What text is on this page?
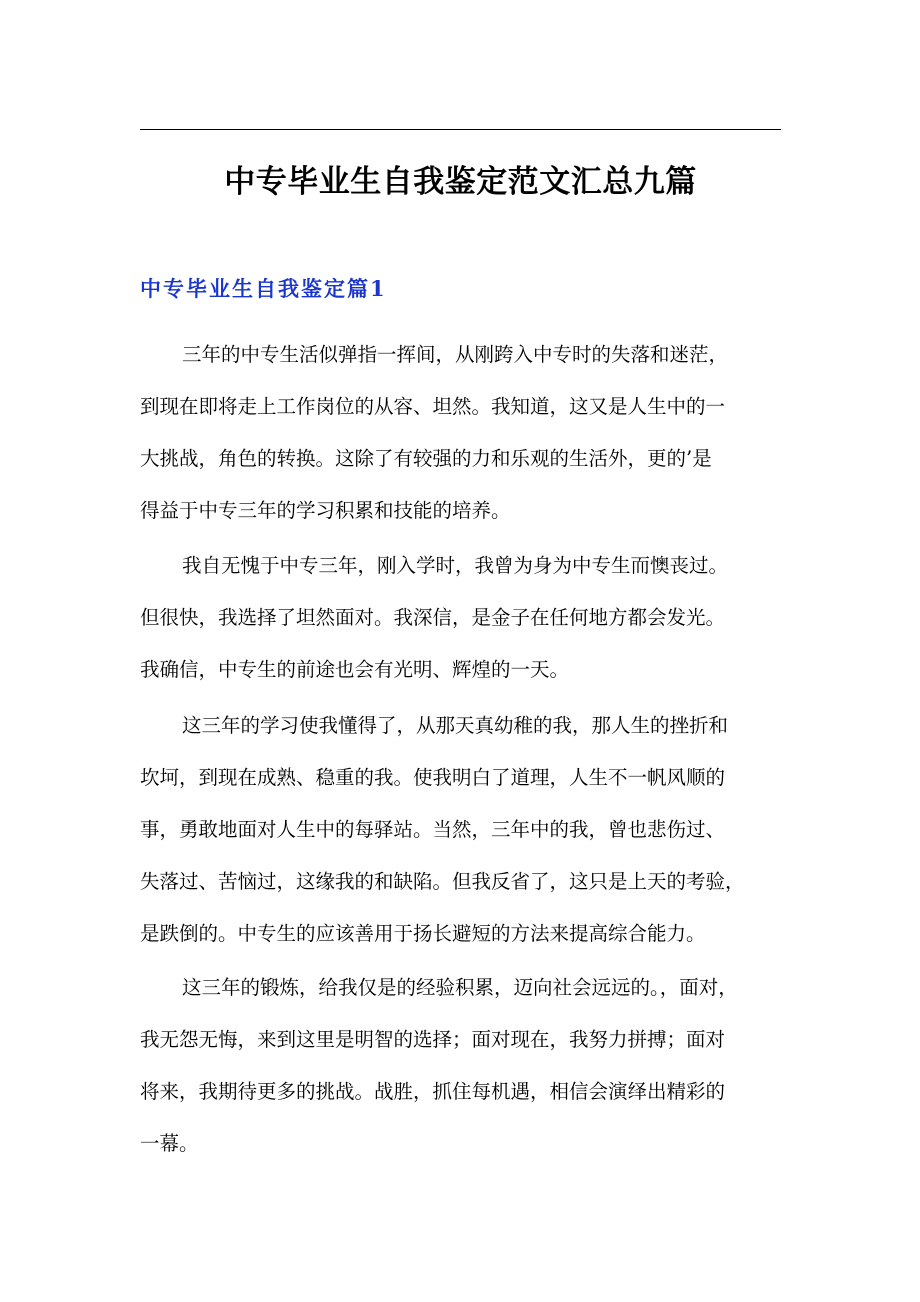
中专毕业生自我鉴定范文汇总九篇
中专毕业生自我鉴定篇1
三年的中专生活似弹指一挥间，从刚跨入中专时的失落和迷茫，
到现在即将走上工作岗位的从容、坦然。我知道，这又是人生中的一
大挑战，角色的转换。这除了有较强的力和乐观的生活外，更的’是
得益于中专三年的学习积累和技能的培养。
我自无愧于中专三年，刚入学时，我曾为身为中专生而懊丧过。
但很快，我选择了坦然面对。我深信，是金子在任何地方都会发光。
我确信，中专生的前途也会有光明、辉煌的一天。
这三年的学习使我懂得了，从那天真幼稚的我，那人生的挫折和
坎坷，到现在成熟、稳重的我。使我明白了道理，人生不一帆风顺的
事，勇敢地面对人生中的每驿站。当然，三年中的我，曾也悲伤过、
失落过、苦恼过，这缘我的和缺陷。但我反省了，这只是上天的考验，
是跌倒的。中专生的应该善用于扬长避短的方法来提高综合能力。
这三年的锻炼，给我仅是的经验积累，迈向社会远远的。，面对，
我无怨无悔，来到这里是明智的选择；面对现在，我努力拼搏；面对
将来，我期待更多的挑战。战胜，抓住每机遇，相信会演绎出精彩的
一幕。
